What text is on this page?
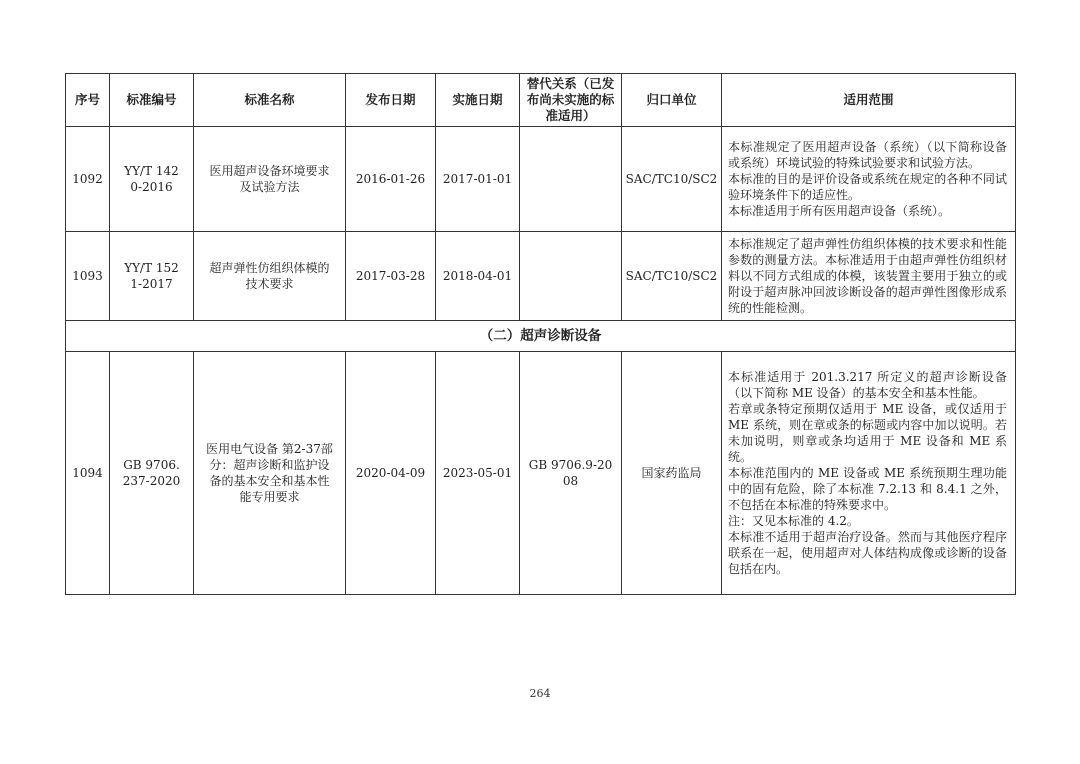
序号	标准编号	标准名称	发布日期	实施日期	替代关系（已发布尚未实施的标准适用）	归口单位	适用范围
1092	YY/T 1420-2016	医用超声设备环境要求及试验方法	2016-01-26	2017-01-01		SAC/TC10/SC2	本标准规定了医用超声设备（系统）（以下简称设备或系统）环境试验的特殊试验要求和试验方法。

本标准的目的是评价设备或系统在规定的各种不同试验环境条件下的适应性。

本标准适用于所有医用超声设备（系统）。

1093	YY/T 1521-2017	超声弹性仿组织体模的技术要求	2017-03-28	2018-04-01		SAC/TC10/SC2	本标准规定了超声弹性仿组织体模的技术要求和性能参数的测量方法。本标准适用于由超声弹性仿组织材料以不同方式组成的体模，该装置主要用于独立的或附设于超声脉冲回波诊断设备的超声弹性图像形成系统的性能检测。

（二）超声诊断设备							
1094	GB 9706.237-2020	医用电气设备 第2-37部分：超声诊断和监护设备的基本安全和基本性能专用要求	2020-04-09	2023-05-01	GB 9706.9-2008	国家药监局	本标准适用于 201.3.217 所定义的超声诊断设备（以下简称 ME 设备）的基本安全和基本性能。

若章或条特定预期仅适用于 ME 设备，或仅适用于 ME 系统，则在章或条的标题或内容中加以说明。若未加说明，则章或条均适用于 ME 设备和 ME 系统。

本标准范围内的 ME 设备或 ME 系统预期生理功能中的固有危险，除了本标准 7.2.13 和 8.4.1 之外，不包括在本标准的特殊要求中。

注：又见本标准的 4.2。

本标准不适用于超声治疗设备。然而与其他医疗程序联系在一起，使用超声对人体结构成像或诊断的设备包括在内。

264
